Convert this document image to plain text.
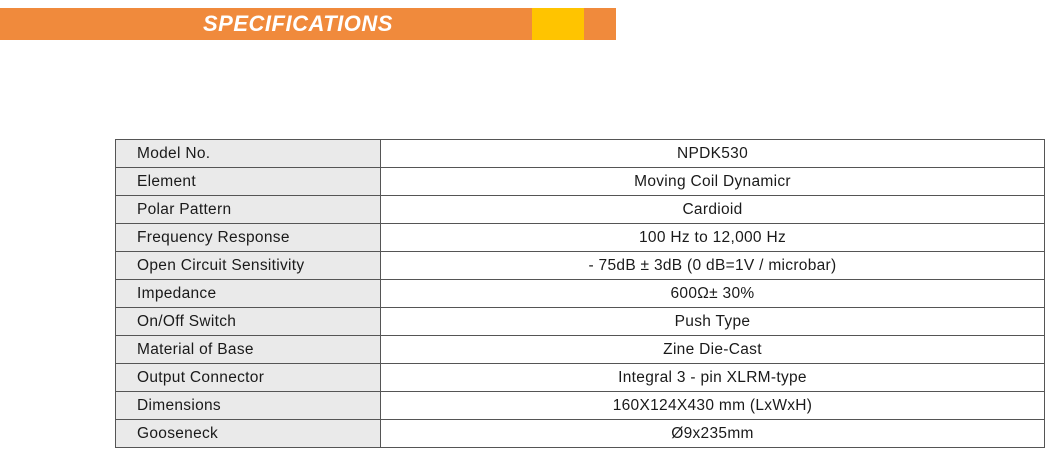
SPECIFICATIONS
Model No.	NPDK530
Element	Moving Coil Dynamicr
Polar Pattern	Cardioid
Frequency Response	100 Hz to 12,000 Hz
Open Circuit Sensitivity	- 75dB ± 3dB (0 dB=1V / microbar)
Impedance	600Ω± 30%
On/Off Switch	Push Type
Material of Base	Zine Die-Cast
Output Connector	Integral 3 - pin XLRM-type
Dimensions	160X124X430 mm (LxWxH)
Gooseneck	Ø9x235mm
